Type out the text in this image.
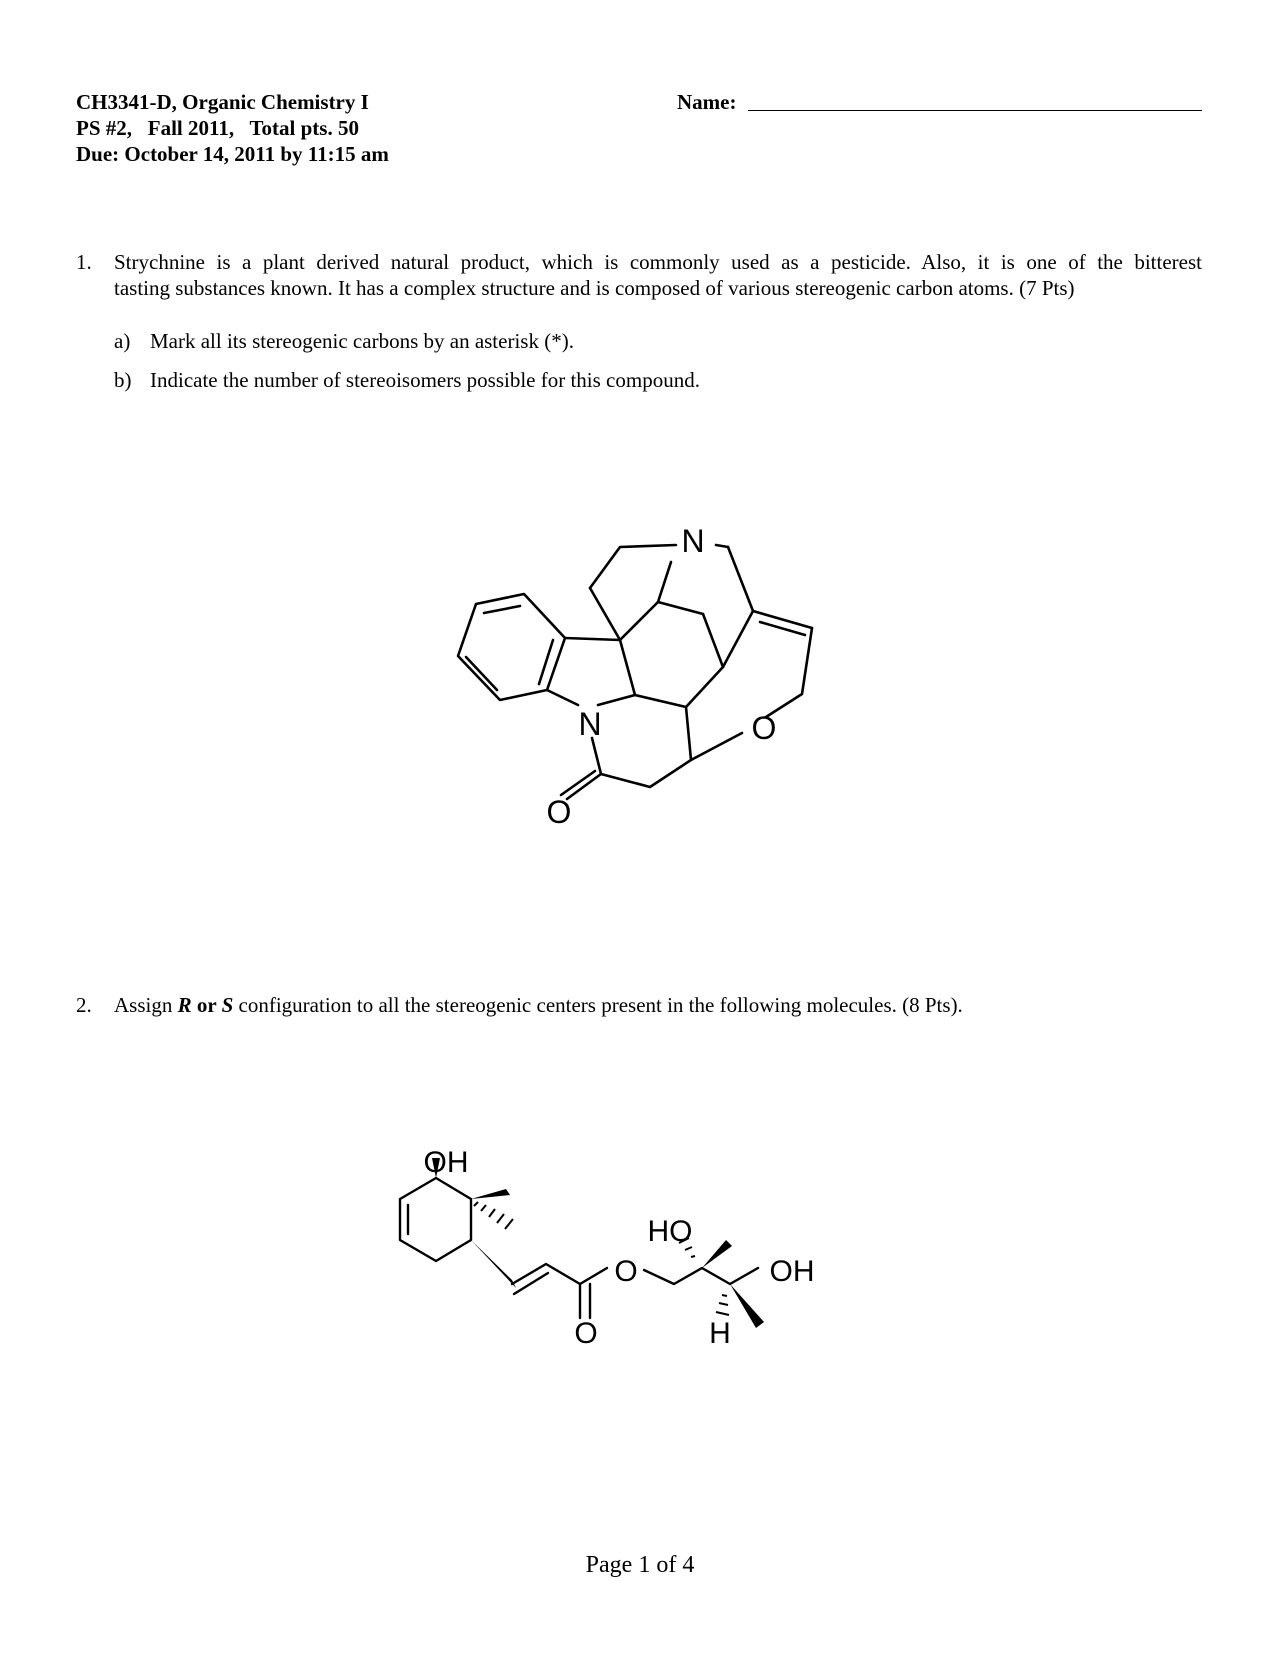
CH3341-D, Organic Chemistry I
PS #2,   Fall 2011,   Total pts. 50
Due: October 14, 2011 by 11:15 am
Name:
1. Strychnine is a plant derived natural product, which is commonly used as a pesticide. Also, it is one of the bitterest
tasting substances known. It has a complex structure and is composed of various stereogenic carbon atoms. (7 Pts)
a) Mark all its stereogenic carbons by an asterisk (*).
b) Indicate the number of stereoisomers possible for this compound.
N
N	O
O
OH
HO
OH
H
O
O
2. Assign R or S configuration to all the stereogenic centers present in the following molecules. (8 Pts).
Page 1 of 4
